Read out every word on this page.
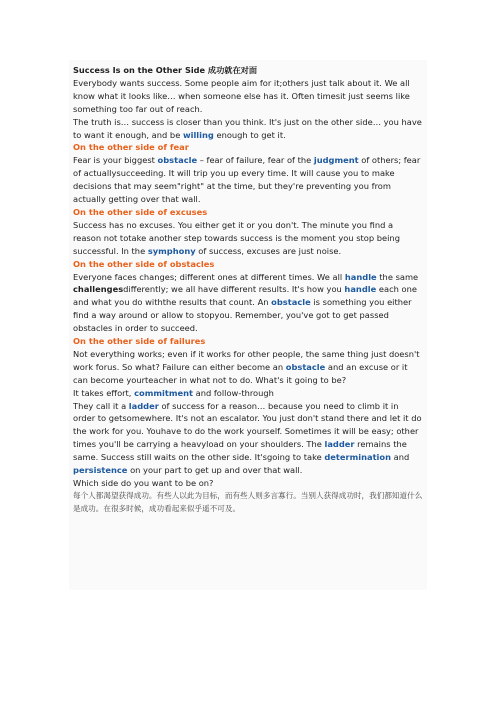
Success Is on the Other Side 成功就在对面

Everybody wants success. Some people aim for it;others just talk about it. We all know what it looks like… when someone else has it. Often timesit just seems like something too far out of reach.

The truth is… success is closer than you think. It's just on the other side… you have to want it enough, and be willing enough to get it.

On the other side of fear

Fear is your biggest obstacle – fear of failure, fear of the judgment of others; fear of actuallysucceeding. It will trip you up every time. It will cause you to make decisions that may seem"right" at the time, but they're preventing you from actually getting over that wall.

On the other side of excuses

Success has no excuses. You either get it or you don't. The minute you find a reason not totake another step towards success is the moment you stop being successful. In the symphony of success, excuses are just noise.

On the other side of obstacles

Everyone faces changes; different ones at different times. We all handle the same challengesdifferently; we all have different results. It's how you handle each one and what you do withthe results that count. An obstacle is something you either find a way around or allow to stopyou. Remember, you've got to get passed obstacles in order to succeed.

On the other side of failures

Not everything works; even if it works for other people, the same thing just doesn't work forus. So what? Failure can either become an obstacle and an excuse or it can become yourteacher in what not to do. What's it going to be?

It takes effort, commitment and follow-through

They call it a ladder of success for a reason… because you need to climb it in order to getsomewhere. It's not an escalator. You just don't stand there and let it do the work for you. Youhave to do the work yourself. Sometimes it will be easy; other times you'll be carrying a heavyload on your shoulders. The ladder remains the same. Success still waits on the other side. It'sgoing to take determination and persistence on your part to get up and over that wall.

Which side do you want to be on?

每个人都渴望获得成功。有些人以此为目标，而有些人则多言寡行。当别人获得成功时，我们都知道什么是成功。在很多时候，成功看起来似乎遥不可及。
